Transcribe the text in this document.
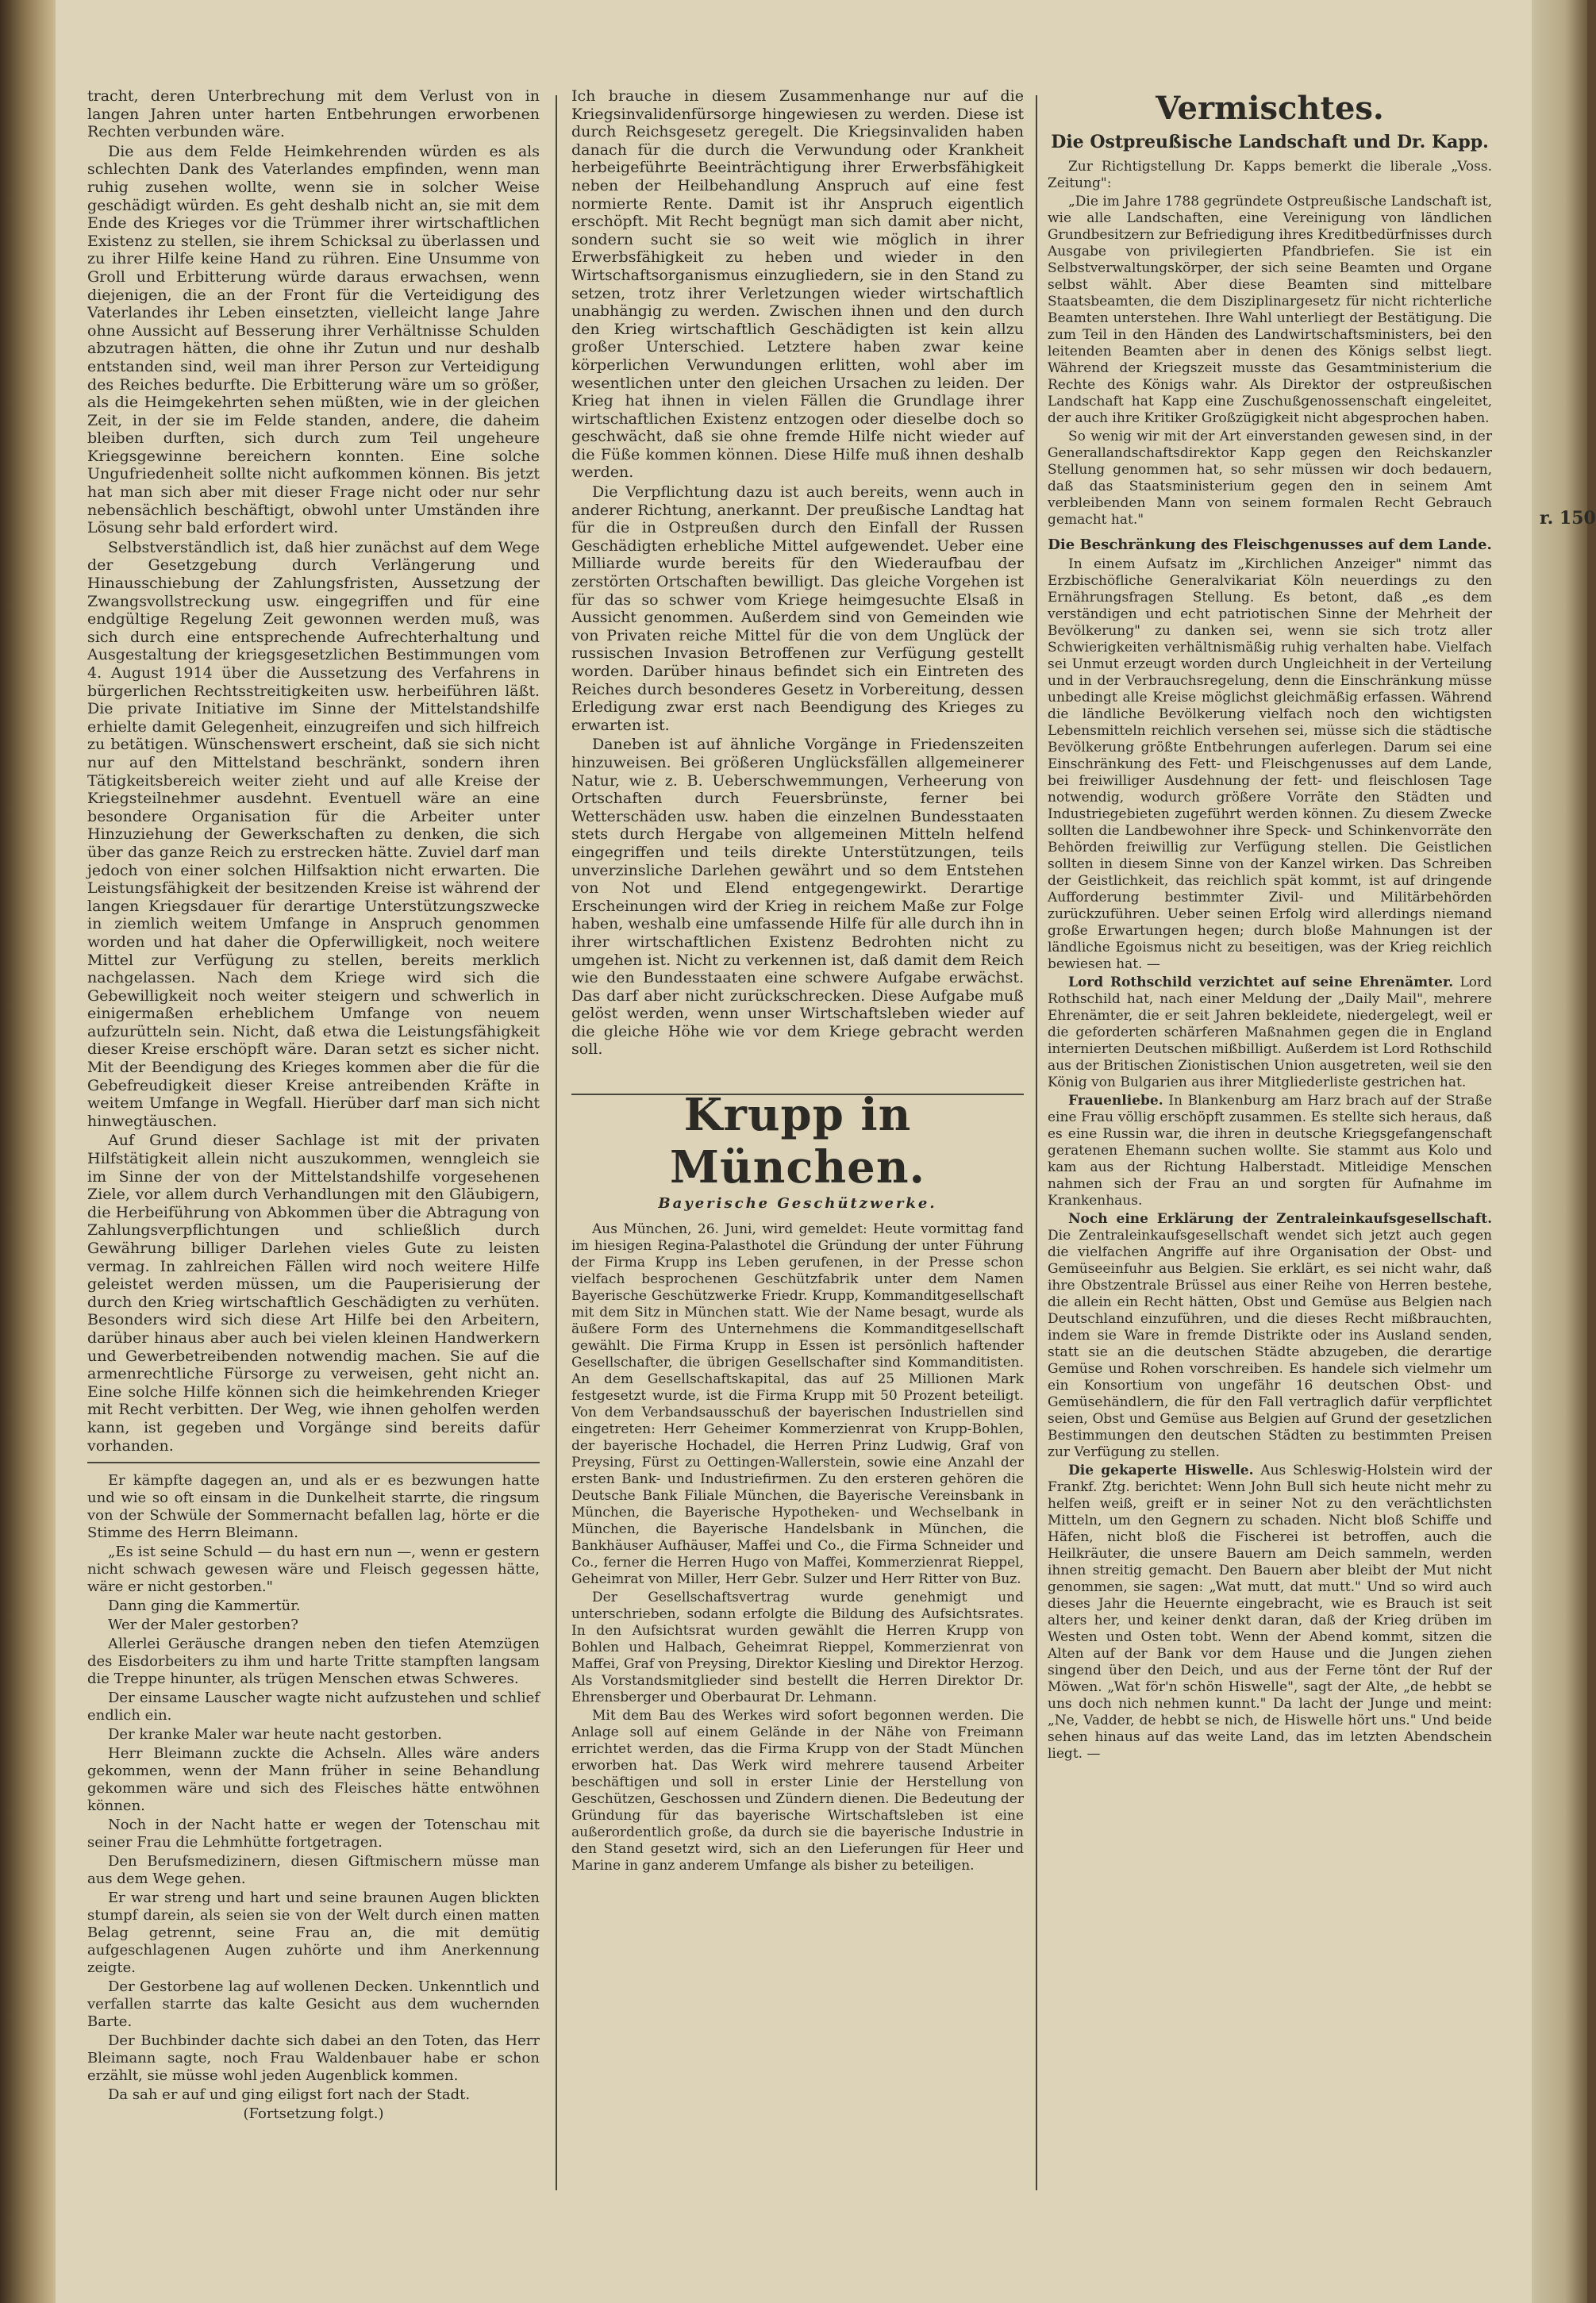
tracht, deren Unterbrechung mit dem Verlust von in langen Jahren unter harten Entbehrungen erworbenen Rechten verbunden wäre.

Die aus dem Felde Heimkehrenden würden es als schlechten Dank des Vaterlandes empfinden, wenn man ruhig zusehen wollte, wenn sie in solcher Weise geschädigt würden. Es geht deshalb nicht an, sie mit dem Ende des Krieges vor die Trümmer ihrer wirtschaftlichen Existenz zu stellen, sie ihrem Schicksal zu überlassen und zu ihrer Hilfe keine Hand zu rühren. Eine Unsumme von Groll und Erbitterung würde daraus erwachsen, wenn diejenigen, die an der Front für die Verteidigung des Vaterlandes ihr Leben einsetzten, vielleicht lange Jahre ohne Aussicht auf Besserung ihrer Verhältnisse Schulden abzutragen hätten, die ohne ihr Zutun und nur deshalb entstanden sind, weil man ihrer Person zur Verteidigung des Reiches bedurfte. Die Erbitterung wäre um so größer, als die Heimgekehrten sehen müßten, wie in der gleichen Zeit, in der sie im Felde standen, andere, die daheim bleiben durften, sich durch zum Teil ungeheure Kriegsgewinne bereichern konnten. Eine solche Ungufriedenheit sollte nicht aufkommen können. Bis jetzt hat man sich aber mit dieser Frage nicht oder nur sehr nebensächlich beschäftigt, obwohl unter Umständen ihre Lösung sehr bald erfordert wird.

Selbstverständlich ist, daß hier zunächst auf dem Wege der Gesetzgebung durch Verlängerung und Hinausschiebung der Zahlungsfristen, Aussetzung der Zwangsvollstreckung usw. eingegriffen und für eine endgültige Regelung Zeit gewonnen werden muß, was sich durch eine entsprechende Aufrechterhaltung und Ausgestaltung der kriegsgesetzlichen Bestimmungen vom 4. August 1914 über die Aussetzung des Verfahrens in bürgerlichen Rechtsstreitigkeiten usw. herbeiführen läßt. Die private Initiative im Sinne der Mittelstandshilfe erhielte damit Gelegenheit, einzugreifen und sich hilfreich zu betätigen. Wünschenswert erscheint, daß sie sich nicht nur auf den Mittelstand beschränkt, sondern ihren Tätigkeitsbereich weiter zieht und auf alle Kreise der Kriegsteilnehmer ausdehnt. Eventuell wäre an eine besondere Organisation für die Arbeiter unter Hinzuziehung der Gewerkschaften zu denken, die sich über das ganze Reich zu erstrecken hätte. Zuviel darf man jedoch von einer solchen Hilfsaktion nicht erwarten. Die Leistungsfähigkeit der besitzenden Kreise ist während der langen Kriegsdauer für derartige Unterstützungszwecke in ziemlich weitem Umfange in Anspruch genommen worden und hat daher die Opferwilligkeit, noch weitere Mittel zur Verfügung zu stellen, bereits merklich nachgelassen. Nach dem Kriege wird sich die Gebewilligkeit noch weiter steigern und schwerlich in einigermaßen erheblichem Umfange von neuem aufzurütteln sein. Nicht, daß etwa die Leistungsfähigkeit dieser Kreise erschöpft wäre. Daran setzt es sicher nicht. Mit der Beendigung des Krieges kommen aber die für die Gebefreudigkeit dieser Kreise antreibenden Kräfte in weitem Umfange in Wegfall. Hierüber darf man sich nicht hinwegtäuschen.

Auf Grund dieser Sachlage ist mit der privaten Hilfstätigkeit allein nicht auszukommen, wenngleich sie im Sinne der von der Mittelstandshilfe vorgesehenen Ziele, vor allem durch Verhandlungen mit den Gläubigern, die Herbeiführung von Abkommen über die Abtragung von Zahlungsverpflichtungen und schließlich durch Gewährung billiger Darlehen vieles Gute zu leisten vermag. In zahlreichen Fällen wird noch weitere Hilfe geleistet werden müssen, um die Pauperisierung der durch den Krieg wirtschaftlich Geschädigten zu verhüten. Besonders wird sich diese Art Hilfe bei den Arbeitern, darüber hinaus aber auch bei vielen kleinen Handwerkern und Gewerbetreibenden notwendig machen. Sie auf die armenrechtliche Fürsorge zu verweisen, geht nicht an. Eine solche Hilfe können sich die heimkehrenden Krieger mit Recht verbitten. Der Weg, wie ihnen geholfen werden kann, ist gegeben und Vorgänge sind bereits dafür vorhanden.

Er kämpfte dagegen an, und als er es bezwungen hatte und wie so oft einsam in die Dunkelheit starrte, die ringsum von der Schwüle der Sommernacht befallen lag, hörte er die Stimme des Herrn Bleimann.

„Es ist seine Schuld — du hast ern nun —, wenn er gestern nicht schwach gewesen wäre und Fleisch gegessen hätte, wäre er nicht gestorben."

Dann ging die Kammertür.

Wer der Maler gestorben?

Allerlei Geräusche drangen neben den tiefen Atemzügen des Eisdorbeiters zu ihm und harte Tritte stampften langsam die Treppe hinunter, als trügen Menschen etwas Schweres.

Der einsame Lauscher wagte nicht aufzustehen und schlief endlich ein.

Der kranke Maler war heute nacht gestorben.

Herr Bleimann zuckte die Achseln. Alles wäre anders gekommen, wenn der Mann früher in seine Behandlung gekommen wäre und sich des Fleisches hätte entwöhnen können.

Noch in der Nacht hatte er wegen der Totenschau mit seiner Frau die Lehmhütte fortgetragen.

Den Berufsmedizinern, diesen Giftmischern müsse man aus dem Wege gehen.

Er war streng und hart und seine braunen Augen blickten stumpf darein, als seien sie von der Welt durch einen matten Belag getrennt, seine Frau an, die mit demütig aufgeschlagenen Augen zuhörte und ihm Anerkennung zeigte.

Der Gestorbene lag auf wollenen Decken. Unkenntlich und verfallen starrte das kalte Gesicht aus dem wuchernden Barte.

Der Buchbinder dachte sich dabei an den Toten, das Herr Bleimann sagte, noch Frau Waldenbauer habe er schon erzählt, sie müsse wohl jeden Augenblick kommen.

Da sah er auf und ging eiligst fort nach der Stadt.

(Fortsetzung folgt.)

Ich brauche in diesem Zusammenhange nur auf die Kriegsinvalidenfürsorge hingewiesen zu werden. Diese ist durch Reichsgesetz geregelt. Die Kriegsinvaliden haben danach für die durch die Verwundung oder Krankheit herbeigeführte Beeinträchtigung ihrer Erwerbsfähigkeit neben der Heilbehandlung Anspruch auf eine fest normierte Rente. Damit ist ihr Anspruch eigentlich erschöpft. Mit Recht begnügt man sich damit aber nicht, sondern sucht sie so weit wie möglich in ihrer Erwerbsfähigkeit zu heben und wieder in den Wirtschaftsorganismus einzugliedern, sie in den Stand zu setzen, trotz ihrer Verletzungen wieder wirtschaftlich unabhängig zu werden. Zwischen ihnen und den durch den Krieg wirtschaftlich Geschädigten ist kein allzu großer Unterschied. Letztere haben zwar keine körperlichen Verwundungen erlitten, wohl aber im wesentlichen unter den gleichen Ursachen zu leiden. Der Krieg hat ihnen in vielen Fällen die Grundlage ihrer wirtschaftlichen Existenz entzogen oder dieselbe doch so geschwächt, daß sie ohne fremde Hilfe nicht wieder auf die Füße kommen können. Diese Hilfe muß ihnen deshalb werden.

Die Verpflichtung dazu ist auch bereits, wenn auch in anderer Richtung, anerkannt. Der preußische Landtag hat für die in Ostpreußen durch den Einfall der Russen Geschädigten erhebliche Mittel aufgewendet. Ueber eine Milliarde wurde bereits für den Wiederaufbau der zerstörten Ortschaften bewilligt. Das gleiche Vorgehen ist für das so schwer vom Kriege heimgesuchte Elsaß in Aussicht genommen. Außerdem sind von Gemeinden wie von Privaten reiche Mittel für die von dem Unglück der russischen Invasion Betroffenen zur Verfügung gestellt worden. Darüber hinaus befindet sich ein Eintreten des Reiches durch besonderes Gesetz in Vorbereitung, dessen Erledigung zwar erst nach Beendigung des Krieges zu erwarten ist.

Daneben ist auf ähnliche Vorgänge in Friedenszeiten hinzuweisen. Bei größeren Unglücksfällen allgemeinerer Natur, wie z. B. Ueberschwemmungen, Verheerung von Ortschaften durch Feuersbrünste, ferner bei Wetterschäden usw. haben die einzelnen Bundesstaaten stets durch Hergabe von allgemeinen Mitteln helfend eingegriffen und teils direkte Unterstützungen, teils unverzinsliche Darlehen gewährt und so dem Entstehen von Not und Elend entgegengewirkt. Derartige Erscheinungen wird der Krieg in reichem Maße zur Folge haben, weshalb eine umfassende Hilfe für alle durch ihn in ihrer wirtschaftlichen Existenz Bedrohten nicht zu umgehen ist. Nicht zu verkennen ist, daß damit dem Reich wie den Bundesstaaten eine schwere Aufgabe erwächst. Das darf aber nicht zurückschrecken. Diese Aufgabe muß gelöst werden, wenn unser Wirtschaftsleben wieder auf die gleiche Höhe wie vor dem Kriege gebracht werden soll.

Krupp in München.
Bayerische Geschützwerke.

Aus München, 26. Juni, wird gemeldet: Heute vormittag fand im hiesigen Regina-Palasthotel die Gründung der unter Führung der Firma Krupp ins Leben gerufenen, in der Presse schon vielfach besprochenen Geschützfabrik unter dem Namen Bayerische Geschützwerke Friedr. Krupp, Kommanditgesellschaft mit dem Sitz in München statt. Wie der Name besagt, wurde als äußere Form des Unternehmens die Kommanditgesellschaft gewählt. Die Firma Krupp in Essen ist persönlich haftender Gesellschafter, die übrigen Gesellschafter sind Kommanditisten. An dem Gesellschaftskapital, das auf 25 Millionen Mark festgesetzt wurde, ist die Firma Krupp mit 50 Prozent beteiligt. Von dem Verbandsausschuß der bayerischen Industriellen sind eingetreten: Herr Geheimer Kommerzienrat von Krupp-Bohlen, der bayerische Hochadel, die Herren Prinz Ludwig, Graf von Preysing, Fürst zu Oettingen-Wallerstein, sowie eine Anzahl der ersten Bank- und Industriefirmen. Zu den ersteren gehören die Deutsche Bank Filiale München, die Bayerische Vereinsbank in München, die Bayerische Hypotheken- und Wechselbank in München, die Bayerische Handelsbank in München, die Bankhäuser Aufhäuser, Maffei und Co., die Firma Schneider und Co., ferner die Herren Hugo von Maffei, Kommerzienrat Rieppel, Geheimrat von Miller, Herr Gebr. Sulzer und Herr Ritter von Buz.

Der Gesellschaftsvertrag wurde genehmigt und unterschrieben, sodann erfolgte die Bildung des Aufsichtsrates. In den Aufsichtsrat wurden gewählt die Herren Krupp von Bohlen und Halbach, Geheimrat Rieppel, Kommerzienrat von Maffei, Graf von Preysing, Direktor Kiesling und Direktor Herzog. Als Vorstandsmitglieder sind bestellt die Herren Direktor Dr. Ehrensberger und Oberbaurat Dr. Lehmann.

Mit dem Bau des Werkes wird sofort begonnen werden. Die Anlage soll auf einem Gelände in der Nähe von Freimann errichtet werden, das die Firma Krupp von der Stadt München erworben hat. Das Werk wird mehrere tausend Arbeiter beschäftigen und soll in erster Linie der Herstellung von Geschützen, Geschossen und Zündern dienen. Die Bedeutung der Gründung für das bayerische Wirtschaftsleben ist eine außerordentlich große, da durch sie die bayerische Industrie in den Stand gesetzt wird, sich an den Lieferungen für Heer und Marine in ganz anderem Umfange als bisher zu beteiligen.

Vermischtes.
Die Ostpreußische Landschaft und Dr. Kapp.

Zur Richtigstellung Dr. Kapps bemerkt die liberale „Voss. Zeitung":

„Die im Jahre 1788 gegründete Ostpreußische Landschaft ist, wie alle Landschaften, eine Vereinigung von ländlichen Grundbesitzern zur Befriedigung ihres Kreditbedürfnisses durch Ausgabe von privilegierten Pfandbriefen. Sie ist ein Selbstverwaltungskörper, der sich seine Beamten und Organe selbst wählt. Aber diese Beamten sind mittelbare Staatsbeamten, die dem Disziplinargesetz für nicht richterliche Beamten unterstehen. Ihre Wahl unterliegt der Bestätigung. Die zum Teil in den Händen des Landwirtschaftsministers, bei den leitenden Beamten aber in denen des Königs selbst liegt. Während der Kriegszeit musste das Gesamtministerium die Rechte des Königs wahr. Als Direktor der ostpreußischen Landschaft hat Kapp eine Zuschußgenossenschaft eingeleitet, der auch ihre Kritiker Großzügigkeit nicht abgesprochen haben.

So wenig wir mit der Art einverstanden gewesen sind, in der Generallandschaftsdirektor Kapp gegen den Reichskanzler Stellung genommen hat, so sehr müssen wir doch bedauern, daß das Staatsministerium gegen den in seinem Amt verbleibenden Mann von seinem formalen Recht Gebrauch gemacht hat."

Die Beschränkung des Fleischgenusses auf dem Lande.

In einem Aufsatz im „Kirchlichen Anzeiger" nimmt das Erzbischöfliche Generalvikariat Köln neuerdings zu den Ernährungsfragen Stellung. Es betont, daß „es dem verständigen und echt patriotischen Sinne der Mehrheit der Bevölkerung" zu danken sei, wenn sie sich trotz aller Schwierigkeiten verhältnismäßig ruhig verhalten habe. Vielfach sei Unmut erzeugt worden durch Ungleichheit in der Verteilung und in der Verbrauchsregelung, denn die Einschränkung müsse unbedingt alle Kreise möglichst gleichmäßig erfassen. Während die ländliche Bevölkerung vielfach noch den wichtigsten Lebensmitteln reichlich versehen sei, müsse sich die städtische Bevölkerung größte Entbehrungen auferlegen. Darum sei eine Einschränkung des Fett- und Fleischgenusses auf dem Lande, bei freiwilliger Ausdehnung der fett- und fleischlosen Tage notwendig, wodurch größere Vorräte den Städten und Industriegebieten zugeführt werden können. Zu diesem Zwecke sollten die Landbewohner ihre Speck- und Schinkenvorräte den Behörden freiwillig zur Verfügung stellen. Die Geistlichen sollten in diesem Sinne von der Kanzel wirken. Das Schreiben der Geistlichkeit, das reichlich spät kommt, ist auf dringende Aufforderung bestimmter Zivil- und Militärbehörden zurückzuführen. Ueber seinen Erfolg wird allerdings niemand große Erwartungen hegen; durch bloße Mahnungen ist der ländliche Egoismus nicht zu beseitigen, was der Krieg reichlich bewiesen hat. —

Lord Rothschild verzichtet auf seine Ehrenämter. Lord Rothschild hat, nach einer Meldung der „Daily Mail", mehrere Ehrenämter, die er seit Jahren bekleidete, niedergelegt, weil er die geforderten schärferen Maßnahmen gegen die in England internierten Deutschen mißbilligt. Außerdem ist Lord Rothschild aus der Britischen Zionistischen Union ausgetreten, weil sie den König von Bulgarien aus ihrer Mitgliederliste gestrichen hat.

Frauenliebe. In Blankenburg am Harz brach auf der Straße eine Frau völlig erschöpft zusammen. Es stellte sich heraus, daß es eine Russin war, die ihren in deutsche Kriegsgefangenschaft geratenen Ehemann suchen wollte. Sie stammt aus Kolo und kam aus der Richtung Halberstadt. Mitleidige Menschen nahmen sich der Frau an und sorgten für Aufnahme im Krankenhaus.

Noch eine Erklärung der Zentraleinkaufsgesellschaft. Die Zentraleinkaufsgesellschaft wendet sich jetzt auch gegen die vielfachen Angriffe auf ihre Organisation der Obst- und Gemüseeinfuhr aus Belgien. Sie erklärt, es sei nicht wahr, daß ihre Obstzentrale Brüssel aus einer Reihe von Herren bestehe, die allein ein Recht hätten, Obst und Gemüse aus Belgien nach Deutschland einzuführen, und die dieses Recht mißbrauchten, indem sie Ware in fremde Distrikte oder ins Ausland senden, statt sie an die deutschen Städte abzugeben, die derartige Gemüse und Rohen vorschreiben. Es handele sich vielmehr um ein Konsortium von ungefähr 16 deutschen Obst- und Gemüsehändlern, die für den Fall vertraglich dafür verpflichtet seien, Obst und Gemüse aus Belgien auf Grund der gesetzlichen Bestimmungen den deutschen Städten zu bestimmten Preisen zur Verfügung zu stellen.

Die gekaperte Hiswelle. Aus Schleswig-Holstein wird der Frankf. Ztg. berichtet: Wenn John Bull sich heute nicht mehr zu helfen weiß, greift er in seiner Not zu den verächtlichsten Mitteln, um den Gegnern zu schaden. Nicht bloß Schiffe und Häfen, nicht bloß die Fischerei ist betroffen, auch die Heilkräuter, die unsere Bauern am Deich sammeln, werden ihnen streitig gemacht. Den Bauern aber bleibt der Mut nicht genommen, sie sagen: „Wat mutt, dat mutt." Und so wird auch dieses Jahr die Heuernte eingebracht, wie es Brauch ist seit alters her, und keiner denkt daran, daß der Krieg drüben im Westen und Osten tobt. Wenn der Abend kommt, sitzen die Alten auf der Bank vor dem Hause und die Jungen ziehen singend über den Deich, und aus der Ferne tönt der Ruf der Möwen. „Wat för'n schön Hiswelle", sagt der Alte, „de hebbt se uns doch nich nehmen kunnt." Da lacht der Junge und meint: „Ne, Vadder, de hebbt se nich, de Hiswelle hört uns." Und beide sehen hinaus auf das weite Land, das im letzten Abendschein liegt. —

r. 150
